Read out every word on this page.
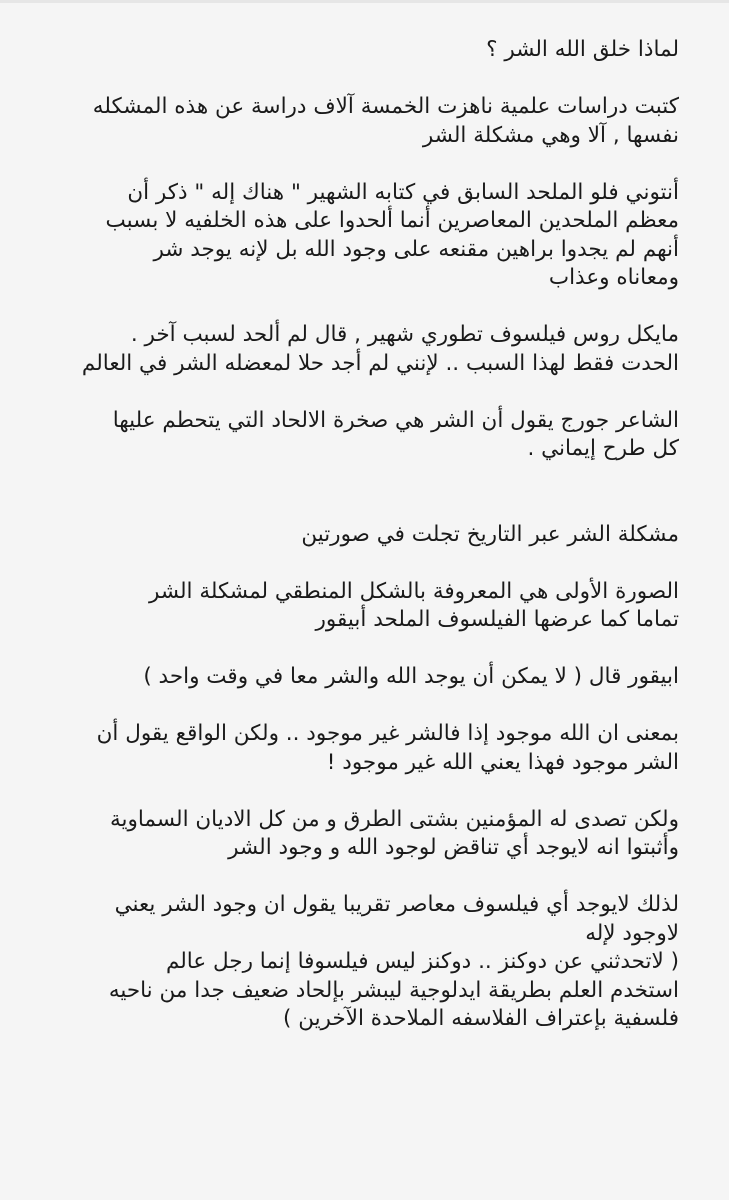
لماذا خلق الله الشر ؟
كتبت دراسات علمية ناهزت الخمسة آلاف دراسة عن هذه المشكله
نفسها , آلا وهي مشكلة الشر
أنتوني فلو الملحد السابق في كتابه الشهير " هناك إله " ذكر أن
معظم الملحدين المعاصرين أنما ألحدوا على هذه الخلفيه لا بسبب
أنهم لم يجدوا براهين مقنعه على وجود الله بل لإنه يوجد شر
ومعاناه وعذاب
مايكل روس فيلسوف تطوري شهير , قال لم ألحد لسبب آخر .
الحدت فقط لهذا السبب .. لإنني لم أجد حلا لمعضله الشر في العالم
الشاعر جورج يقول أن الشر هي صخرة الالحاد التي يتحطم عليها
كل طرح إيماني .
مشكلة الشر عبر التاريخ تجلت في صورتين
الصورة الأولى هي المعروفة بالشكل المنطقي لمشكلة الشر
تماما كما عرضها الفيلسوف الملحد أبيقور
ابيقور قال ( لا يمكن أن يوجد الله والشر معا في وقت واحد )
بمعنى ان الله موجود إذا فالشر غير موجود .. ولكن الواقع يقول أن
الشر موجود فهذا يعني الله غير موجود !
ولكن تصدى له المؤمنين بشتى الطرق و من كل الاديان السماوية
وأثبتوا انه لايوجد أي تناقض لوجود الله و وجود الشر
لذلك لايوجد أي فيلسوف معاصر تقريبا يقول ان وجود الشر يعني
لاوجود لإله
( لاتحدثني عن دوكنز .. دوكنز ليس فيلسوفا إنما رجل عالم
استخدم العلم بطريقة ايدلوجية ليبشر بإلحاد ضعيف جدا من ناحيه
فلسفية بإعتراف الفلاسفه الملاحدة الآخرين )
